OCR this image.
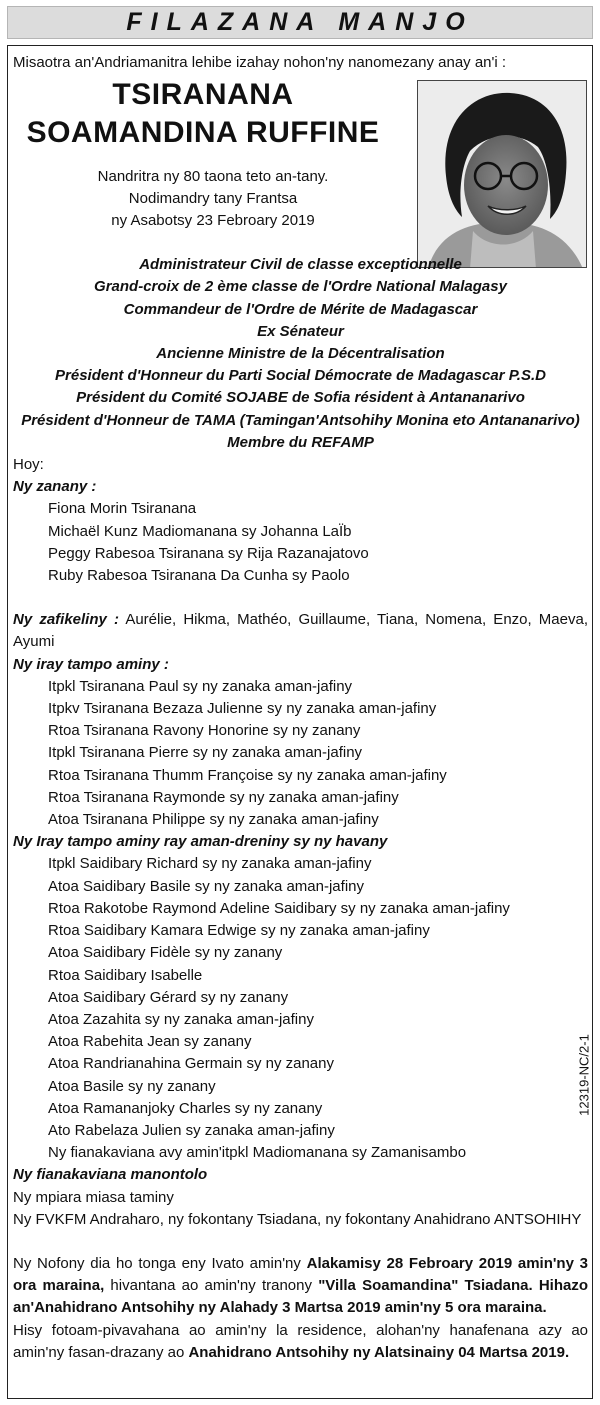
FILAZANA MANJO
Misaotra an'Andriamanitra lehibe izahay nohon'ny nanomezany anay an'i :
TSIRANANA
SOAMANDINA RUFFINE
Nandritra ny 80 taona teto an-tany.
Nodimandry tany Frantsa
ny Asabotsy 23 Febroary 2019
Administrateur Civil de classe exceptionnelle
Grand-croix de 2 ème classe de l'Ordre National Malagasy
Commandeur de l'Ordre de Mérite de Madagascar
Ex Sénateur
Ancienne Ministre de la Décentralisation
Président d'Honneur du Parti Social Démocrate de Madagascar P.S.D
Président du Comité SOJABE de Sofia résident à Antananarivo
Président d'Honneur de TAMA (Tamingan'Antsohihy Monina eto Antananarivo)
Membre du REFAMP
Hoy:
Ny zanany :
Fiona Morin Tsiranana
Michaël Kunz Madiomanana sy Johanna LaÏb
Peggy Rabesoa Tsiranana sy Rija Razanajatovo
Ruby Rabesoa Tsiranana Da Cunha sy Paolo
Ny zafikeliny : Aurélie, Hikma, Mathéo, Guillaume, Tiana, Nomena, Enzo, Maeva, Ayumi
Ny iray tampo aminy :
Itpkl Tsiranana Paul sy ny zanaka aman-jafiny
Itpkv Tsiranana Bezaza Julienne sy ny zanaka aman-jafiny
Rtoa Tsiranana Ravony Honorine sy ny zanany
Itpkl Tsiranana Pierre sy ny zanaka aman-jafiny
Rtoa Tsiranana Thumm Françoise sy ny zanaka aman-jafiny
Rtoa Tsiranana Raymonde sy ny zanaka aman-jafiny
Atoa Tsiranana Philippe sy ny zanaka aman-jafiny
Ny Iray tampo aminy ray aman-dreniny sy ny havany
Itpkl Saidibary Richard sy ny zanaka aman-jafiny
Atoa Saidibary Basile sy ny zanaka aman-jafiny
Rtoa Rakotobe Raymond Adeline Saidibary sy ny zanaka aman-jafiny
Rtoa Saidibary Kamara Edwige sy ny zanaka aman-jafiny
Atoa Saidibary Fidèle sy ny zanany
Rtoa Saidibary Isabelle
Atoa Saidibary Gérard sy ny zanany
Atoa Zazahita sy ny zanaka aman-jafiny
Atoa Rabehita Jean sy zanany
Atoa Randrianahina Germain sy ny zanany
Atoa Basile sy ny zanany
Atoa Ramananjoky Charles sy ny zanany
Ato Rabelaza Julien sy zanaka aman-jafiny
Ny fianakaviana avy amin'itpkl Madiomanana sy Zamanisambo
Ny fianakaviana manontolo
Ny mpiara miasa taminy
Ny FVKFM Andraharo, ny fokontany Tsiadana, ny fokontany Anahidrano ANTSOHIHY
Ny Nofony dia ho tonga eny Ivato amin'ny Alakamisy 28 Febroary 2019 amin'ny 3 ora maraina, hivantana ao amin'ny tranony "Villa Soamandina" Tsiadana. Hihazo an'Anahidrano Antsohihy ny Alahady 3 Martsa 2019 amin'ny 5 ora maraina.
Hisy fotoam-pivavahana ao amin'ny la residence, alohan'ny hanafenana azy ao amin'ny fasan-drazany ao Anahidrano Antsohihy ny Alatsinainy 04 Martsa 2019.
12319-NC/2-1
